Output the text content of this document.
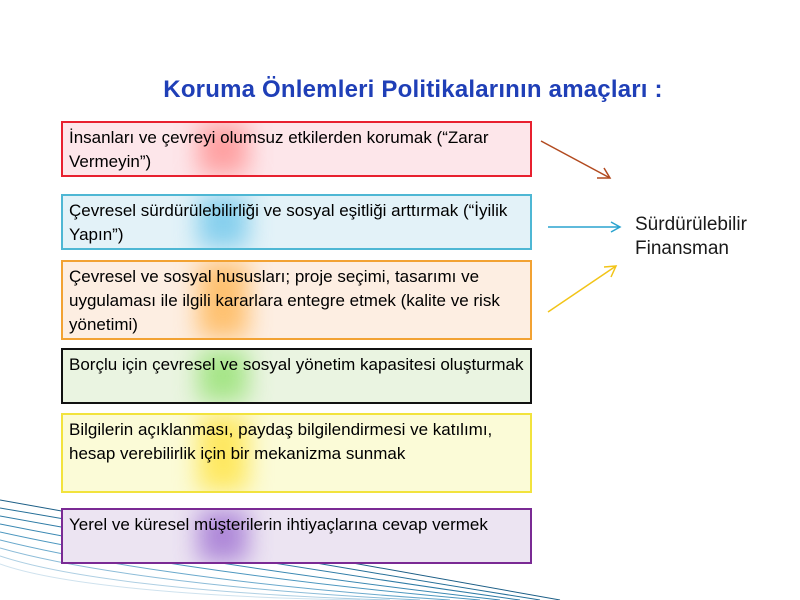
Koruma Önlemleri Politikalarının amaçları :
İnsanları ve çevreyi olumsuz etkilerden korumak (“Zarar Vermeyin”)
Çevresel sürdürülebilirliği ve sosyal eşitliği arttırmak (“İyilik Yapın”)
Çevresel ve sosyal hususları; proje seçimi, tasarımı ve uygulaması ile ilgili kararlara entegre etmek (kalite ve risk yönetimi)
Borçlu için çevresel ve sosyal yönetim kapasitesi oluşturmak
Bilgilerin açıklanması, paydaş bilgilendirmesi ve katılımı, hesap verebilirlik için bir mekanizma sunmak
Yerel ve küresel müşterilerin ihtiyaçlarına cevap vermek
Sürdürülebilir
Finansman
